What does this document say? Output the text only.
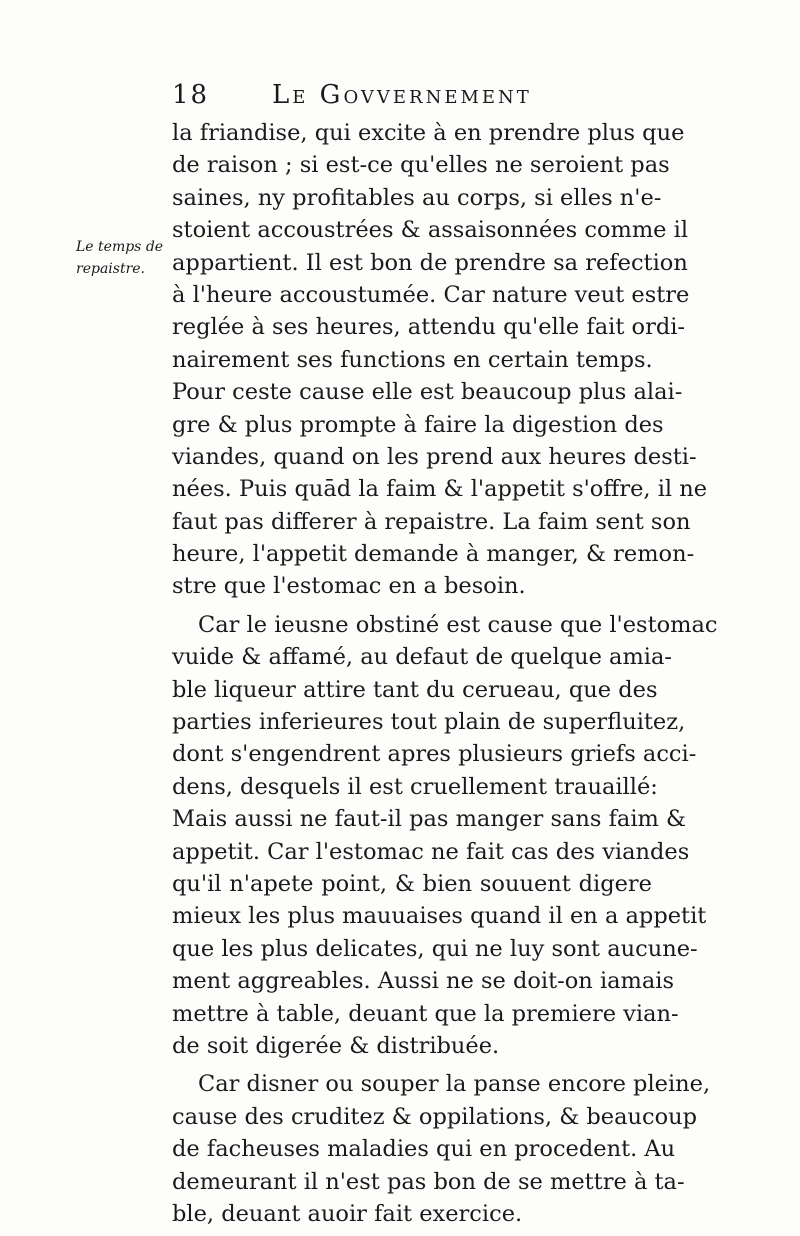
18 Le Govvernement
Le temps de
repaistre.
la friandise, qui excite à en prendre plus que
de raison ; si est-ce qu'elles ne seroient pas
saines, ny profitables au corps, si elles n'e-
stoient accoustrées & assaisonnées comme il
appartient. Il est bon de prendre sa refection
à l'heure accoustumée. Car nature veut estre
reglée à ses heures, attendu qu'elle fait ordi-
nairement ses functions en certain temps.
Pour ceste cause elle est beaucoup plus alai-
gre & plus prompte à faire la digestion des
viandes, quand on les prend aux heures desti-
nées. Puis quād la faim & l'appetit s'offre, il ne
faut pas differer à repaistre. La faim sent son
heure, l'appetit demande à manger, & remon-
stre que l'estomac en a besoin.
Car le ieusne obstiné est cause que l'estomac
vuide & affamé, au defaut de quelque amia-
ble liqueur attire tant du cerueau, que des
parties inferieures tout plain de superfluitez,
dont s'engendrent apres plusieurs griefs acci-
dens, desquels il est cruellement trauaillé:
Mais aussi ne faut-il pas manger sans faim &
appetit. Car l'estomac ne fait cas des viandes
qu'il n'apete point, & bien souuent digere
mieux les plus mauuaises quand il en a appetit
que les plus delicates, qui ne luy sont aucune-
ment aggreables. Aussi ne se doit-on iamais
mettre à table, deuant que la premiere vian-
de soit digerée & distribuée.
Car disner ou souper la panse encore pleine,
cause des cruditez & oppilations, & beaucoup
de facheuses maladies qui en procedent. Au
demeurant il n'est pas bon de se mettre à ta-
ble, deuant auoir fait exercice.
